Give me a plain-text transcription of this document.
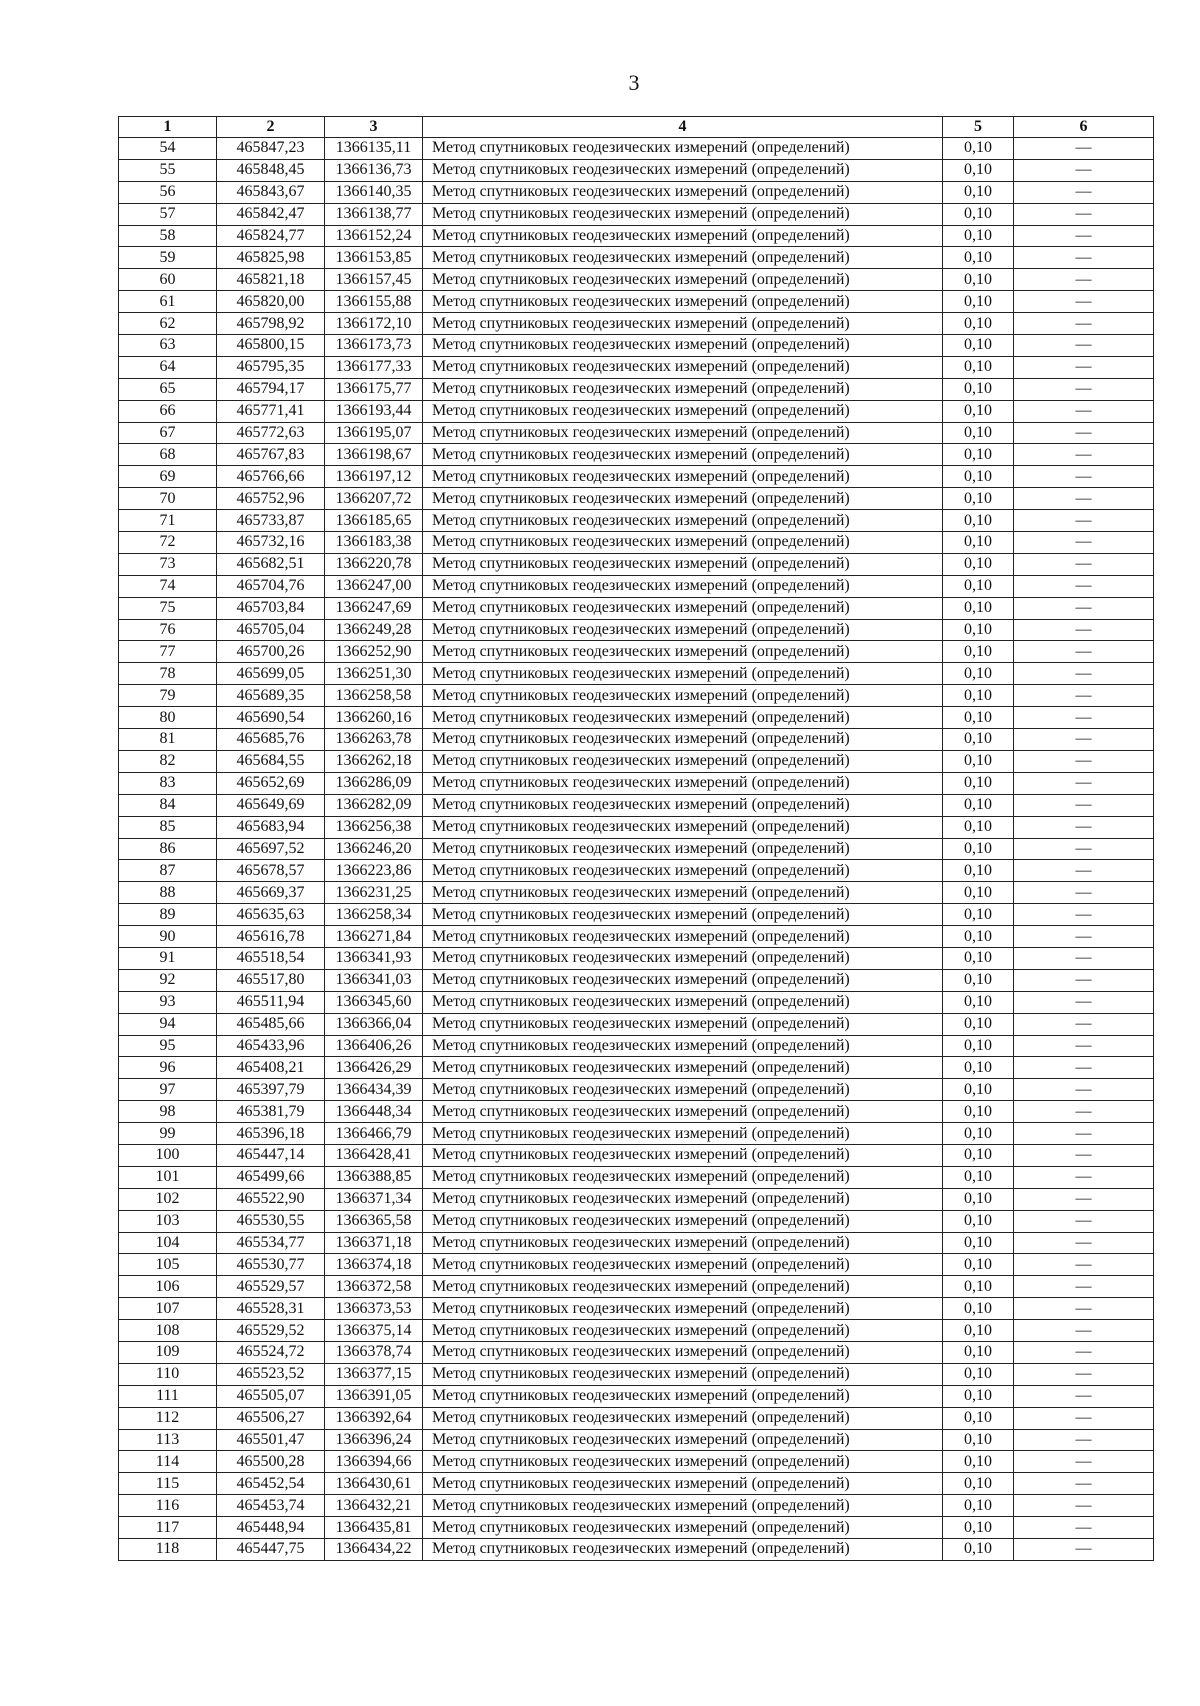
3
1	2	3	4	5	6
54	465847,23	1366135,11	Метод спутниковых геодезических измерений (определений)	0,10	—
55	465848,45	1366136,73	Метод спутниковых геодезических измерений (определений)	0,10	—
56	465843,67	1366140,35	Метод спутниковых геодезических измерений (определений)	0,10	—
57	465842,47	1366138,77	Метод спутниковых геодезических измерений (определений)	0,10	—
58	465824,77	1366152,24	Метод спутниковых геодезических измерений (определений)	0,10	—
59	465825,98	1366153,85	Метод спутниковых геодезических измерений (определений)	0,10	—
60	465821,18	1366157,45	Метод спутниковых геодезических измерений (определений)	0,10	—
61	465820,00	1366155,88	Метод спутниковых геодезических измерений (определений)	0,10	—
62	465798,92	1366172,10	Метод спутниковых геодезических измерений (определений)	0,10	—
63	465800,15	1366173,73	Метод спутниковых геодезических измерений (определений)	0,10	—
64	465795,35	1366177,33	Метод спутниковых геодезических измерений (определений)	0,10	—
65	465794,17	1366175,77	Метод спутниковых геодезических измерений (определений)	0,10	—
66	465771,41	1366193,44	Метод спутниковых геодезических измерений (определений)	0,10	—
67	465772,63	1366195,07	Метод спутниковых геодезических измерений (определений)	0,10	—
68	465767,83	1366198,67	Метод спутниковых геодезических измерений (определений)	0,10	—
69	465766,66	1366197,12	Метод спутниковых геодезических измерений (определений)	0,10	—
70	465752,96	1366207,72	Метод спутниковых геодезических измерений (определений)	0,10	—
71	465733,87	1366185,65	Метод спутниковых геодезических измерений (определений)	0,10	—
72	465732,16	1366183,38	Метод спутниковых геодезических измерений (определений)	0,10	—
73	465682,51	1366220,78	Метод спутниковых геодезических измерений (определений)	0,10	—
74	465704,76	1366247,00	Метод спутниковых геодезических измерений (определений)	0,10	—
75	465703,84	1366247,69	Метод спутниковых геодезических измерений (определений)	0,10	—
76	465705,04	1366249,28	Метод спутниковых геодезических измерений (определений)	0,10	—
77	465700,26	1366252,90	Метод спутниковых геодезических измерений (определений)	0,10	—
78	465699,05	1366251,30	Метод спутниковых геодезических измерений (определений)	0,10	—
79	465689,35	1366258,58	Метод спутниковых геодезических измерений (определений)	0,10	—
80	465690,54	1366260,16	Метод спутниковых геодезических измерений (определений)	0,10	—
81	465685,76	1366263,78	Метод спутниковых геодезических измерений (определений)	0,10	—
82	465684,55	1366262,18	Метод спутниковых геодезических измерений (определений)	0,10	—
83	465652,69	1366286,09	Метод спутниковых геодезических измерений (определений)	0,10	—
84	465649,69	1366282,09	Метод спутниковых геодезических измерений (определений)	0,10	—
85	465683,94	1366256,38	Метод спутниковых геодезических измерений (определений)	0,10	—
86	465697,52	1366246,20	Метод спутниковых геодезических измерений (определений)	0,10	—
87	465678,57	1366223,86	Метод спутниковых геодезических измерений (определений)	0,10	—
88	465669,37	1366231,25	Метод спутниковых геодезических измерений (определений)	0,10	—
89	465635,63	1366258,34	Метод спутниковых геодезических измерений (определений)	0,10	—
90	465616,78	1366271,84	Метод спутниковых геодезических измерений (определений)	0,10	—
91	465518,54	1366341,93	Метод спутниковых геодезических измерений (определений)	0,10	—
92	465517,80	1366341,03	Метод спутниковых геодезических измерений (определений)	0,10	—
93	465511,94	1366345,60	Метод спутниковых геодезических измерений (определений)	0,10	—
94	465485,66	1366366,04	Метод спутниковых геодезических измерений (определений)	0,10	—
95	465433,96	1366406,26	Метод спутниковых геодезических измерений (определений)	0,10	—
96	465408,21	1366426,29	Метод спутниковых геодезических измерений (определений)	0,10	—
97	465397,79	1366434,39	Метод спутниковых геодезических измерений (определений)	0,10	—
98	465381,79	1366448,34	Метод спутниковых геодезических измерений (определений)	0,10	—
99	465396,18	1366466,79	Метод спутниковых геодезических измерений (определений)	0,10	—
100	465447,14	1366428,41	Метод спутниковых геодезических измерений (определений)	0,10	—
101	465499,66	1366388,85	Метод спутниковых геодезических измерений (определений)	0,10	—
102	465522,90	1366371,34	Метод спутниковых геодезических измерений (определений)	0,10	—
103	465530,55	1366365,58	Метод спутниковых геодезических измерений (определений)	0,10	—
104	465534,77	1366371,18	Метод спутниковых геодезических измерений (определений)	0,10	—
105	465530,77	1366374,18	Метод спутниковых геодезических измерений (определений)	0,10	—
106	465529,57	1366372,58	Метод спутниковых геодезических измерений (определений)	0,10	—
107	465528,31	1366373,53	Метод спутниковых геодезических измерений (определений)	0,10	—
108	465529,52	1366375,14	Метод спутниковых геодезических измерений (определений)	0,10	—
109	465524,72	1366378,74	Метод спутниковых геодезических измерений (определений)	0,10	—
110	465523,52	1366377,15	Метод спутниковых геодезических измерений (определений)	0,10	—
111	465505,07	1366391,05	Метод спутниковых геодезических измерений (определений)	0,10	—
112	465506,27	1366392,64	Метод спутниковых геодезических измерений (определений)	0,10	—
113	465501,47	1366396,24	Метод спутниковых геодезических измерений (определений)	0,10	—
114	465500,28	1366394,66	Метод спутниковых геодезических измерений (определений)	0,10	—
115	465452,54	1366430,61	Метод спутниковых геодезических измерений (определений)	0,10	—
116	465453,74	1366432,21	Метод спутниковых геодезических измерений (определений)	0,10	—
117	465448,94	1366435,81	Метод спутниковых геодезических измерений (определений)	0,10	—
118	465447,75	1366434,22	Метод спутниковых геодезических измерений (определений)	0,10	—
